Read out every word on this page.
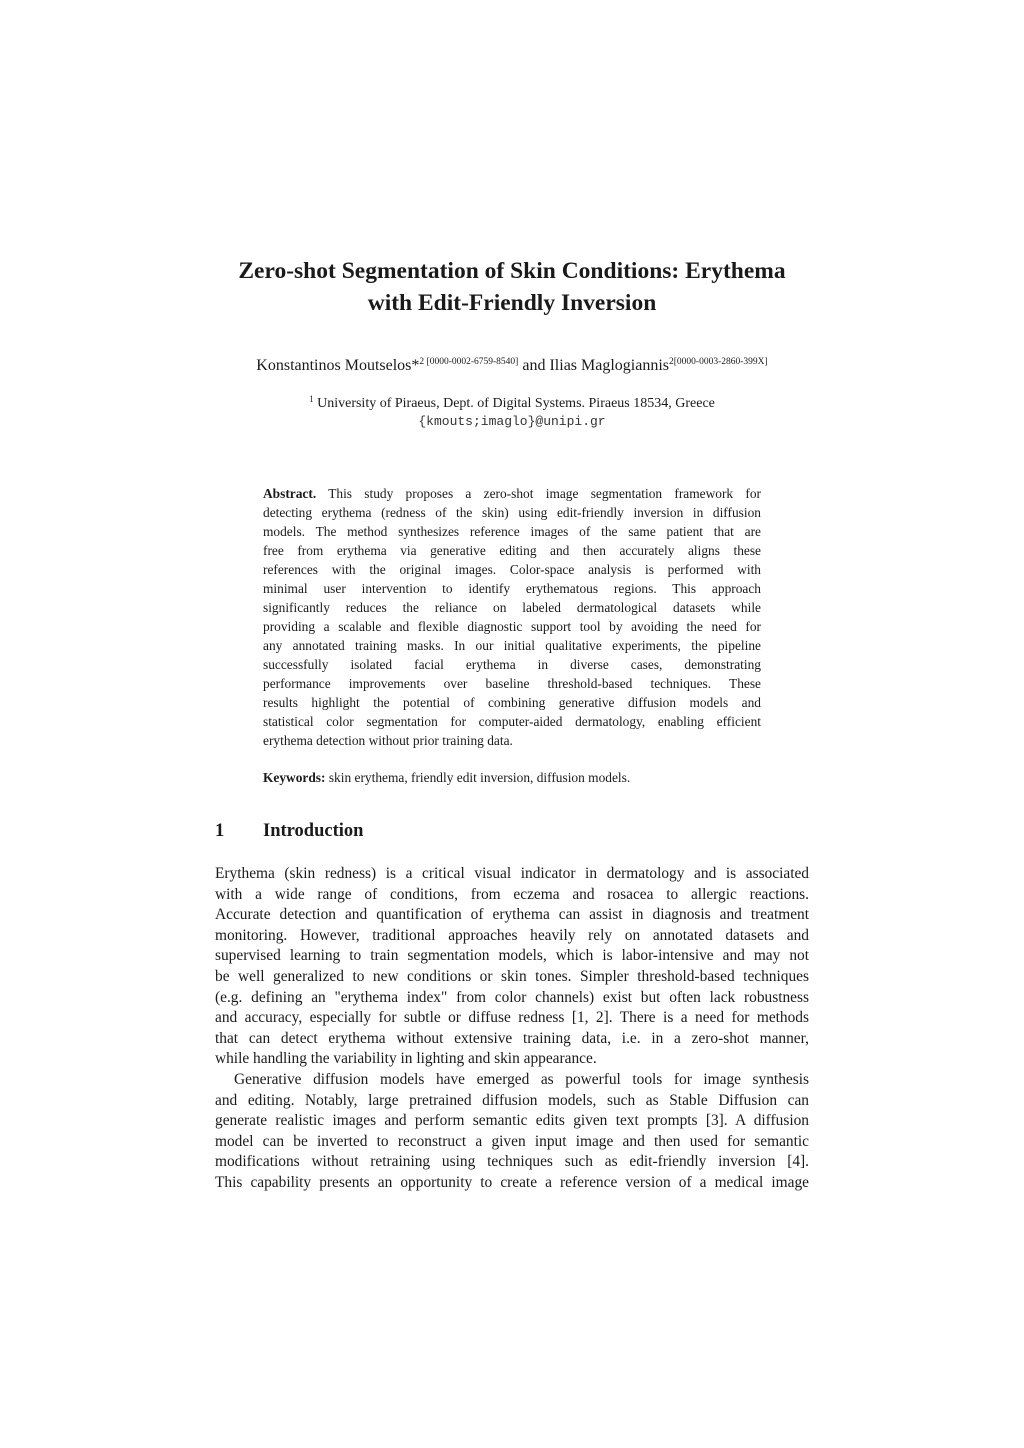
Zero-shot Segmentation of Skin Conditions: Erythema
with Edit-Friendly Inversion
Konstantinos Moutselos*$^{2 [0000-0002-6759-8540]}$ and Ilias Maglogiannis$^{2[0000-0003-2860-399X]}$
$^1$ University of Piraeus, Dept. of Digital Systems. Piraeus 18534, Greece
{kmouts;imaglo}@unipi.gr
Abstract. This study proposes a zero-shot image segmentation framework for
detecting erythema (redness of the skin) using edit-friendly inversion in diffusion
models. The method synthesizes reference images of the same patient that are
free from erythema via generative editing and then accurately aligns these
references with the original images. Color-space analysis is performed with
minimal user intervention to identify erythematous regions. This approach
significantly reduces the reliance on labeled dermatological datasets while
providing a scalable and flexible diagnostic support tool by avoiding the need for
any annotated training masks. In our initial qualitative experiments, the pipeline
successfully isolated facial erythema in diverse cases, demonstrating
performance improvements over baseline threshold-based techniques. These
results highlight the potential of combining generative diffusion models and
statistical color segmentation for computer-aided dermatology, enabling efficient
erythema detection without prior training data.
Keywords: skin erythema, friendly edit inversion, diffusion models.
1 Introduction
Erythema (skin redness) is a critical visual indicator in dermatology and is associated
with a wide range of conditions, from eczema and rosacea to allergic reactions.
Accurate detection and quantification of erythema can assist in diagnosis and treatment
monitoring. However, traditional approaches heavily rely on annotated datasets and
supervised learning to train segmentation models, which is labor-intensive and may not
be well generalized to new conditions or skin tones. Simpler threshold-based techniques
(e.g. defining an "erythema index" from color channels) exist but often lack robustness
and accuracy, especially for subtle or diffuse redness [1, 2]. There is a need for methods
that can detect erythema without extensive training data, i.e. in a zero-shot manner,
while handling the variability in lighting and skin appearance.
Generative diffusion models have emerged as powerful tools for image synthesis
and editing. Notably, large pretrained diffusion models, such as Stable Diffusion can
generate realistic images and perform semantic edits given text prompts [3]. A diffusion
model can be inverted to reconstruct a given input image and then used for semantic
modifications without retraining using techniques such as edit-friendly inversion [4].
This capability presents an opportunity to create a reference version of a medical image
